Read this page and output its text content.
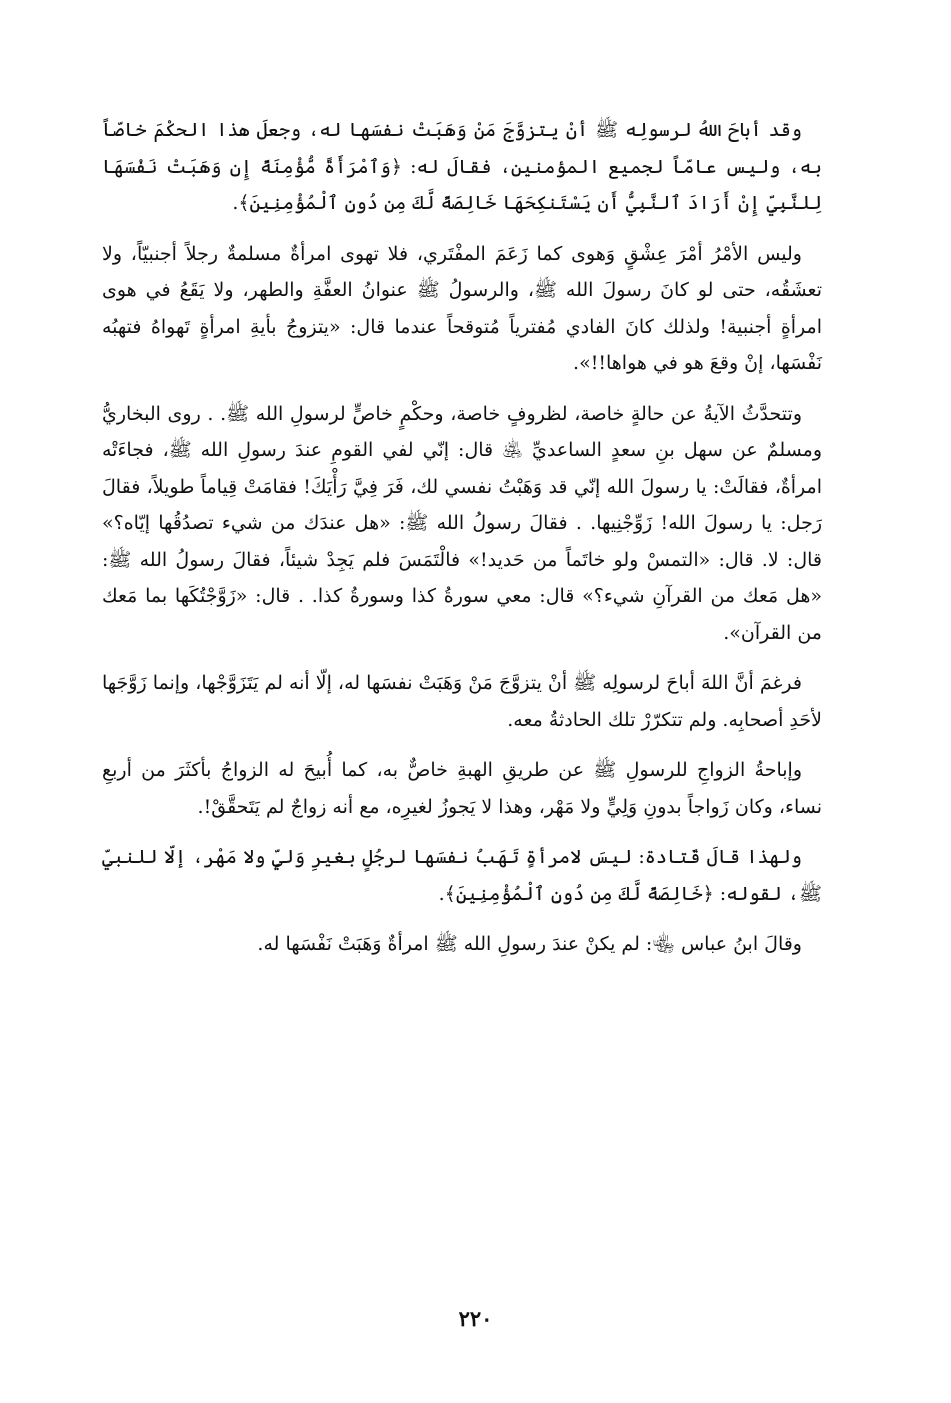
وقد أباحَ اللهُ لرسولِه ﷺ أنْ يتزوَّجَ مَنْ وَهَبَتْ نفسَها له، وجعلَ هذا الحكْمَ خاصّاً به، وليس عامّاً لجميع المؤمنين، فقالَ له: ﴿وَٱمْرَأَةً مُّؤْمِنَةً إِن وَهَبَتْ نَفْسَهَا لِلنَّبِيِّ إِنْ أَرَادَ ٱلنَّبِيُّ أَن يَسْتَنكِحَهَا خَالِصَةً لَّكَ مِن دُونِ ٱلْمُؤْمِنِينَ﴾.

وليس الأمْرُ أمْرَ عِشْقٍ وَهوى كما زَعَمَ المفْتَري، فلا تهوى امرأةٌ مسلمةٌ رجلاً أجنبيّاً، ولا تعشَقُه، حتى لو كانَ رسولَ الله ﷺ، والرسولُ ﷺ عنوانُ العفَّةِ والطهر، ولا يَقَعُ في هوى امرأةٍ أجنبية! ولذلك كانَ الفادي مُفترياً مُتوقحاً عندما قال: «يتزوجُ بأيةِ امرأةٍ تَهواهُ فتهبُه نَفْسَها، إنْ وقعَ هو في هواها!!».

وتتحدَّثُ الآيةُ عن حالةٍ خاصة، لظروفٍ خاصة، وحكْمٍ خاصٍّ لرسولِ الله ﷺ. . روى البخاريُّ ومسلمٌ عن سهل بنِ سعدٍ الساعديِّ ﵁ قال: إنّي لفي القومِ عندَ رسولِ الله ﷺ، فجاءَتْه امرأةٌ، فقالَتْ: يا رسولَ الله إنّي قد وَهَبْتُ نفسي لك، فَرَ فِيَّ رَأْيَكَ! فقامَتْ قِياماً طويلاً، فقالَ رَجل: يا رسولَ الله! زَوِّجْنِيها. . فقالَ رسولُ الله ﷺ: «هل عندَك من شيء تصدُقُها إيّاه؟» قال: لا. قال: «التمسْ ولو خاتَماً من حَديد!» فالْتَمَسَ فلم يَجِدْ شيئاً، فقالَ رسولُ الله ﷺ: «هل مَعك من القرآنِ شيء؟» قال: معي سورةُ كذا وسورةُ كذا. . قال: «زَوَّجْتُكَها بما مَعك من القرآن».

فرغمَ أنَّ اللهَ أباحَ لرسولِه ﷺ أنْ يتزوَّجَ مَنْ وَهَبَتْ نفسَها له، إلّا أنه لم يَتَزَوَّجْها، وإنما زَوَّجَها لأحَدِ أصحابِه. ولم تتكرّرْ تلك الحادثةُ معه.

وإباحةُ الزواجِ للرسولِ ﷺ عن طريقِ الهبةِ خاصٌّ به، كما أُبيحَ له الزواجُ بأكثَرَ من أربعِ نساء، وكان زَواجاً بدونِ وَلِيٍّ ولا مَهْر، وهذا لا يَجوزُ لغيرِه، مع أنه زواجٌ لم يَتَحقَّقْ!.

ولهذا قالَ قَتادة: ليسَ لامرأةٍ تَهَبُ نفسَها لرجُلٍ بغيرِ وَليٍّ ولا مَهْر، إلّا للنبيِّ ﷺ، لقوله: ﴿خَالِصَةً لَّكَ مِن دُونِ ٱلْمُؤْمِنِينَ﴾.

وقالَ ابنُ عباس ﵄: لم يكنْ عندَ رسولِ الله ﷺ امرأةٌ وَهَبَتْ نَفْسَها له.

٢٢٠
